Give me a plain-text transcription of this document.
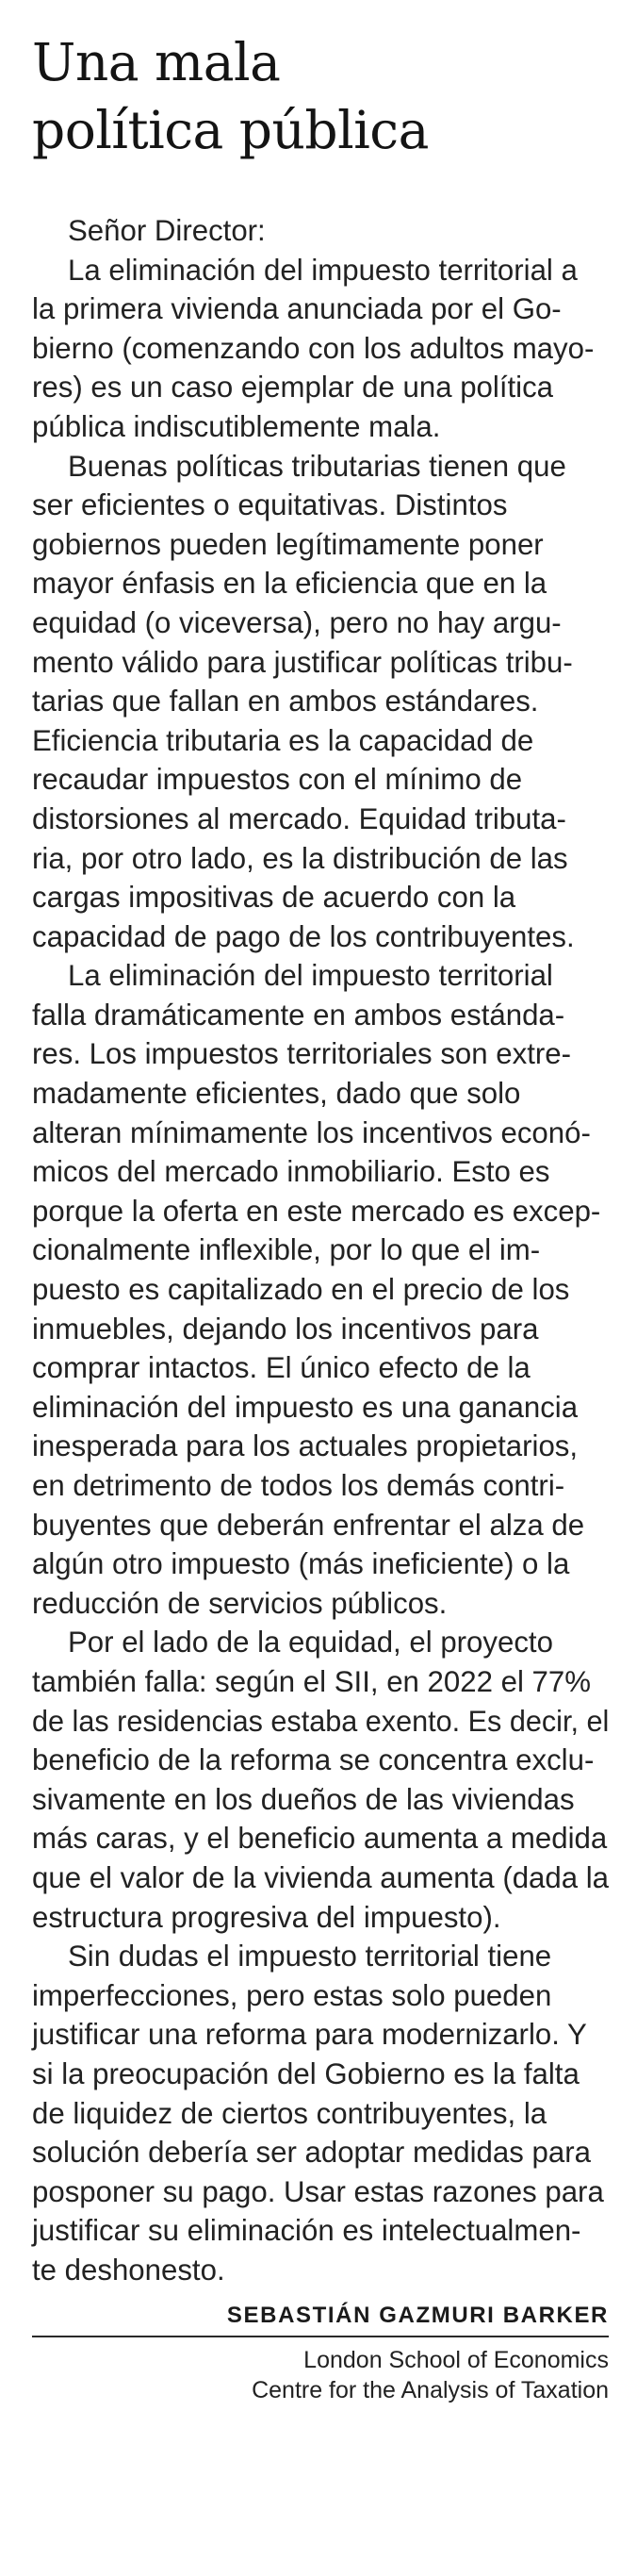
Una mala
política pública
Señor Director:
La eliminación del impuesto territorial a
la primera vivienda anunciada por el Go-
bierno (comenzando con los adultos mayo-
res) es un caso ejemplar de una política
pública indiscutiblemente mala.
Buenas políticas tributarias tienen que
ser eficientes o equitativas. Distintos
gobiernos pueden legítimamente poner
mayor énfasis en la eficiencia que en la
equidad (o viceversa), pero no hay argu-
mento válido para justificar políticas tribu-
tarias que fallan en ambos estándares.
Eficiencia tributaria es la capacidad de
recaudar impuestos con el mínimo de
distorsiones al mercado. Equidad tributa-
ria, por otro lado, es la distribución de las
cargas impositivas de acuerdo con la
capacidad de pago de los contribuyentes.
La eliminación del impuesto territorial
falla dramáticamente en ambos estánda-
res. Los impuestos territoriales son extre-
madamente eficientes, dado que solo
alteran mínimamente los incentivos econó-
micos del mercado inmobiliario. Esto es
porque la oferta en este mercado es excep-
cionalmente inflexible, por lo que el im-
puesto es capitalizado en el precio de los
inmuebles, dejando los incentivos para
comprar intactos. El único efecto de la
eliminación del impuesto es una ganancia
inesperada para los actuales propietarios,
en detrimento de todos los demás contri-
buyentes que deberán enfrentar el alza de
algún otro impuesto (más ineficiente) o la
reducción de servicios públicos.
Por el lado de la equidad, el proyecto
también falla: según el SII, en 2022 el 77%
de las residencias estaba exento. Es decir, el
beneficio de la reforma se concentra exclu-
sivamente en los dueños de las viviendas
más caras, y el beneficio aumenta a medida
que el valor de la vivienda aumenta (dada la
estructura progresiva del impuesto).
Sin dudas el impuesto territorial tiene
imperfecciones, pero estas solo pueden
justificar una reforma para modernizarlo. Y
si la preocupación del Gobierno es la falta
de liquidez de ciertos contribuyentes, la
solución debería ser adoptar medidas para
posponer su pago. Usar estas razones para
justificar su eliminación es intelectualmen-
te deshonesto.
SEBASTIÁN GAZMURI BARKER
London School of Economics
Centre for the Analysis of Taxation
